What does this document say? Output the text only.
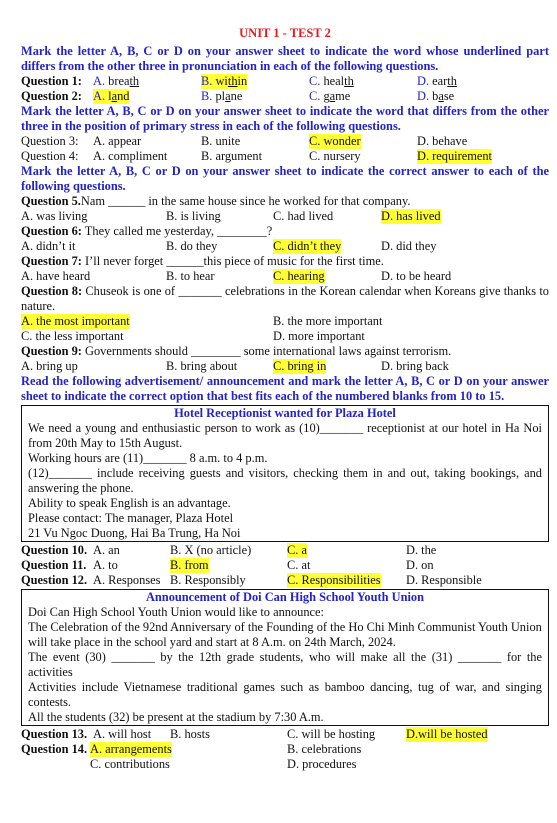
UNIT 1 - TEST 2
Mark the letter A, B, C or D on your answer sheet to indicate the word whose underlined part differs from the other three in pronunciation in each of the following questions.
Question 1: A. breath	B. within	C. health	D. earth
Question 2: A. land	B. plane	C. game	D. base
Mark the letter A, B, C or D on your answer sheet to indicate the word that differs from the other three in the position of primary stress in each of the following questions.
Question 3: A. appear	B. unite	C. wonder	D. behave
Question 4: A. compliment	B. argument	C. nursery	D. requirement
Mark the letter A, B, C or D on your answer sheet to indicate the correct answer to each of the following questions.
Question 5.Nam ______ in the same house since he worked for that company.
A. was living	B. is living	C. had lived	D. has lived
Question 6: They called me yesterday, ________?
A. didn’t it	B. do they	C. didn’t they	D. did they
Question 7: I’ll never forget ______this piece of music for the first time.
A. have heard	B. to hear	C. hearing	D. to be heard
Question 8: Chuseok is one of _______ celebrations in the Korean calendar when Koreans give thanks to nature.
A. the most important	B. the more important
C. the less important	D. more important
Question 9: Governments should ________ some international laws against terrorism.
A. bring up	B. bring about	C. bring in	D. bring back
Read the following advertisement/ announcement and mark the letter A, B, C or D on your answer sheet to indicate the correct option that best fits each of the numbered blanks from 10 to 15.
Hotel Receptionist wanted for Plaza Hotel
We need a young and enthusiastic person to work as (10)_______ receptionist at our hotel in Ha Noi from 20th May to 15th August.
Working hours are (11)_______ 8 a.m. to 4 p.m.
(12)_______ include receiving guests and visitors, checking them in and out, taking bookings, and answering the phone.
Ability to speak English is an advantage.
Please contact: The manager, Plaza Hotel
21 Vu Ngoc Duong, Hai Ba Trung, Ha Noi
Question 10. A. an	B. X (no article)	C. a	D. the
Question 11. A. to	B. from	C. at	D. on
Question 12. A. Responses B. Responsibly	C. Responsibilities D. Responsible
Announcement of Doi Can High School Youth Union
Doi Can High School Youth Union would like to announce:
The Celebration of the 92nd Anniversary of the Founding of the Ho Chi Minh Communist Youth Union
will take place in the school yard and start at 8 A.m. on 24th March, 2024.
The event (30) _______ by the 12th grade students, who will make all the (31) _______ for the activities
Activities include Vietnamese traditional games such as bamboo dancing, tug of war, and singing contests.
All the students (32) be present at the stadium by 7:30 A.m.
Question 13. A. will host B. hosts	C. will be hosting D.will be hosted
Question 14. A. arrangements	B. celebrations
C. contributions	D. procedures
